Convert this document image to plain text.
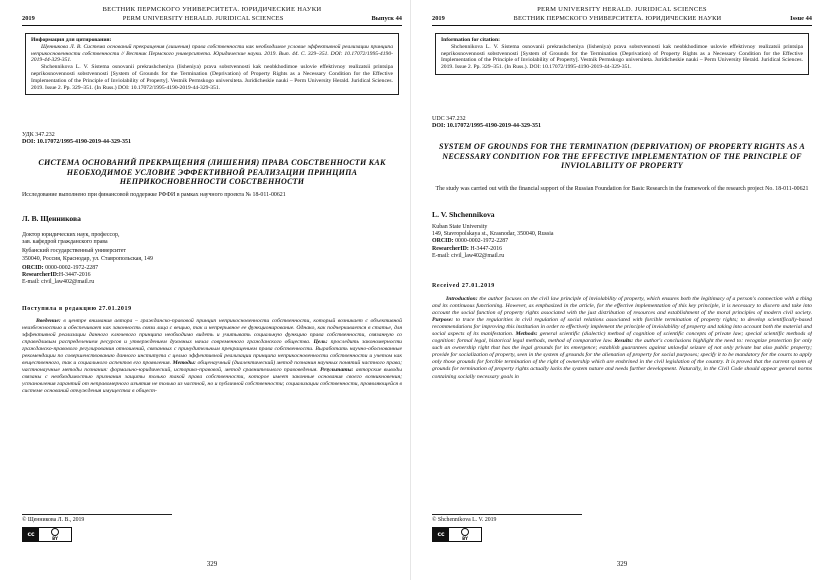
ВЕСТНИК ПЕРМСКОГО УНИВЕРСИТЕТА. ЮРИДИЧЕСКИЕ НАУКИ
2019	PERM UNIVERSITY HERALD. JURIDICAL SCIENCES	Выпуск 44
Информация для цитирования:

Щенникова Л. В. Система оснований прекращения (лишения) права собственности как необходимое условие эффективной реализации принципа неприкосновенности собственности // Вестник Пермского университета. Юридические науки. 2019. Вып. 44. C. 329–351. DOI: 10.17072/1995-4190-2019-44-329-351.

Shchennikova L. V. Sistema osnovanii prekrashcheniya (lisheniya) prava sobstvennosti kak neobkhodimoe uslovie effektivnoy realizatsii printsipa neprikosnovennosti sobstvennosti [System of Grounds for the Termination (Deprivation) of Property Rights as a Necessary Condition for the Effective Implementation of the Principle of Inviolability of Property]. Vestnik Permskogo universiteta. Juridicheskie nauki – Perm University Herald. Juridical Sciences. 2019. Issue 2. Pp. 329–351. (In Russ.) DOI: 10.17072/1995-4190-2019-44-329-351.

УДК 347.232
DOI: 10.17072/1995-4190-2019-44-329-351
СИСТЕМА ОСНОВАНИЙ ПРЕКРАЩЕНИЯ (ЛИШЕНИЯ) ПРАВА СОБСТВЕННОСТИ КАК НЕОБХОДИМОЕ УСЛОВИЕ ЭФФЕКТИВНОЙ РЕАЛИЗАЦИИ ПРИНЦИПА НЕПРИКОСНОВЕННОСТИ СОБСТВЕННОСТИ
Исследование выполнено при финансовой поддержке РФФИ в рамках научного проекта № 18-011-00621
Л. В. Щенникова
Доктор юридических наук, профессор,
зав. кафедрой гражданского права
Кубанский государственный университет
350040, Россия, Краснодар, ул. Ставропольская, 149
ORCID: 0000-0002-1972-2287
ResearcherID:H-3447-2016
E-mail: civil_law402@mail.ru
Поступила в редакцию 27.01.2019

Введение: в центре внимания автора – гражданско-правовой принцип неприкосновенности собственности, который возникает с объективной неизбежностью и обеспечивает как законность связи лица с вещью, так и непрерывное ее функционирование. Однако, как подчеркивается в статье, для эффективной реализации данного ключевого принципа необходимо видеть и учитывать социальную функцию права собственности, связанную со справедливым распределением ресурсов и утверждением духовных начал современного гражданского общества. Цель: проследить закономерности гражданско-правового регулирования отношений, связанных с принудительным прекращением права собственности. Выработать научно-обоснованные рекомендации по совершенствованию данного института с целью эффективной реализации принципа неприкосновенности собственности и учетом как вещественного, так и социального аспектов его проявления. Методы: общенаучный (диалектический) метод познания научных понятий частного права; частнонаучные методы познания: формально-юридический, историко-правовой, метод сравнительного правоведения. Результаты: авторские выводы связаны с необходимостью признания защиты только такой права собственности, которое имеет законные основания своего возникновения; установления гарантий от неправомерного изъятия не только из частной, но и публичной собственности; социализации собственности, проявляющейся в системе оснований отчуждения имущества в общест-

© Щенникова Л. В., 2019
cc
BY
329
PERM UNIVERSITY HERALD. JURIDICAL SCIENCES
2019	ВЕСТНИК ПЕРМСКОГО УНИВЕРСИТЕТА. ЮРИДИЧЕСКИЕ НАУКИ	Issue 44
Information for citation:

Shchennikova L. V. Sistema osnovanii prekrashcheniya (lisheniya) prava sobstvennosti kak neobkhodimoe uslovie effektivnoy realizatsii printsipa neprikosnovennosti sobstvennosti [System of Grounds for the Termination (Deprivation) of Property Rights as a Necessary Condition for the Effective Implementation of the Principle of Inviolability of Property]. Vestnik Permskogo universiteta. Juridicheskie nauki – Perm University Herald. Juridical Sciences. 2019. Issue 2. Pp. 329–351. (In Russ.). DOI: 10.17072/1995-4190-2019-44-329-351.

UDC 347.232
DOI: 10.17072/1995-4190-2019-44-329-351
SYSTEM OF GROUNDS FOR THE TERMINATION (DEPRIVATION) OF PROPERTY RIGHTS AS A NECESSARY CONDITION FOR THE EFFECTIVE IMPLEMENTATION OF THE PRINCIPLE OF INVIOLABILITY OF PROPERTY
The study was carried out with the financial support of the Russian Foundation for Basic Research in the framework of the research project No. 18-011-00621
L. V. Shchennikova
Kuban State University
149, Stavropolskaya st., Krasnodar, 350040, Russia
ORCID: 0000-0002-1972-2287
ResearcherID: H-3447-2016
E-mail: civil_law402@mail.ru
Received 27.01.2019

Introduction: the author focuses on the civil law principle of inviolability of property, which ensures both the legitimacy of a person's connection with a thing and its continuous functioning. However, as emphasized in the article, for the effective implementation of this key principle, it is necessary to discern and take into account the social function of property rights associated with the just distribution of resources and establishment of the moral principles of modern civil society. Purpose: to trace the regularities in civil regulation of social relations associated with forcible termination of property rights; to develop scientifically-based recommendations for improving this institution in order to effectively implement the principle of inviolability of property and taking into account both the material and social aspects of its manifestation. Methods: general scientific (dialectic) method of cognition of scientific concepts of private law; special scientific methods of cognition: formal legal, historical legal methods, method of comparative law. Results: the author's conclusions highlight the need to: recognize protection for only such an ownership right that has the legal grounds for its emergence; establish guarantees against unlawful seizure of not only private but also public property; provide for socialization of property, seen in the system of grounds for the alienation of property for social purposes; specify it to be mandatory for the courts to apply only those grounds for forcible termination of the right of ownership which are enshrined in the civil legislation of the country. It is proved that the current system of grounds for termination of property rights actually lacks the system nature and needs further development. Naturally, in the Civil Code should appear general norms containing socially necessary goals in

© Shchennikova L. V. 2019
cc
BY
329
